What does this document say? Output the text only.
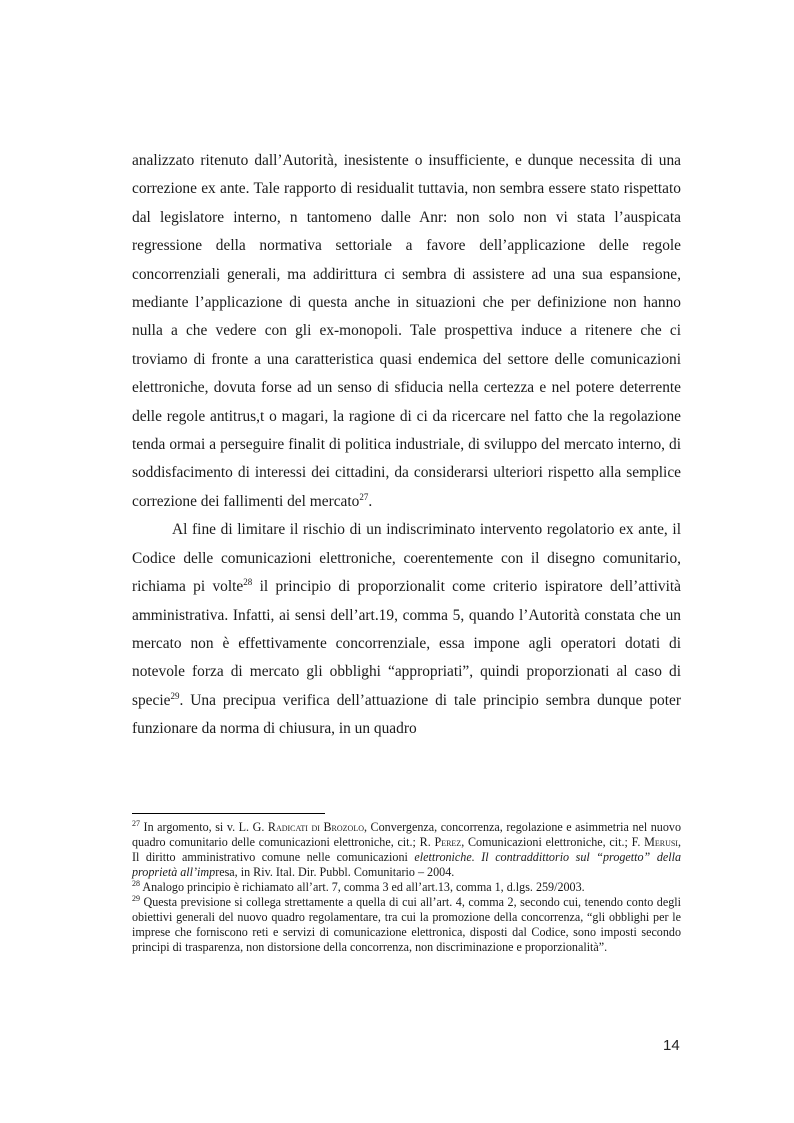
analizzato ritenuto dall’Autorità, inesistente o insufficiente, e dunque necessita di una correzione ex ante. Tale rapporto di residualit tuttavia, non sembra essere stato rispettato dal legislatore interno, n tantomeno dalle Anr: non solo non vi stata l’auspicata regressione della normativa settoriale a favore dell’applicazione delle regole concorrenziali generali, ma addirittura ci sembra di assistere ad una sua espansione, mediante l’applicazione di questa anche in situazioni che per definizione non hanno nulla a che vedere con gli ex-monopoli. Tale prospettiva induce a ritenere che ci troviamo di fronte a una caratteristica quasi endemica del settore delle comunicazioni elettroniche, dovuta forse ad un senso di sfiducia nella certezza e nel potere deterrente delle regole antitrus,t o magari, la ragione di ci da ricercare nel fatto che la regolazione tenda ormai a perseguire finalit di politica industriale, di sviluppo del mercato interno, di soddisfacimento di interessi dei cittadini, da considerarsi ulteriori rispetto alla semplice correzione dei fallimenti del mercato$^{27}$.

Al fine di limitare il rischio di un indiscriminato intervento regolatorio ex ante, il Codice delle comunicazioni elettroniche, coerentemente con il disegno comunitario, richiama pi volte$^{28}$ il principio di proporzionalit come criterio ispiratore dell’attività amministrativa. Infatti, ai sensi dell’art.19, comma 5, quando l’Autorità constata che un mercato non è effettivamente concorrenziale, essa impone agli operatori dotati di notevole forza di mercato gli obblighi “appropriati”, quindi proporzionati al caso di specie$^{29}$. Una precipua verifica dell’attuazione di tale principio sembra dunque poter funzionare da norma di chiusura, in un quadro

$^{27}$ In argomento, si v. L. G. Radicati di Brozolo, Convergenza, concorrenza, regolazione e asimmetria nel nuovo quadro comunitario delle comunicazioni elettroniche, cit.; R. Perez, Comunicazioni elettroniche, cit.; F. Merusi, Il diritto amministrativo comune nelle comunicazioni elettroniche. Il contraddittorio sul “progetto” della proprietà all’impresa, in Riv. Ital. Dir. Pubbl. Comunitario – 2004.

$^{28}$ Analogo principio è richiamato all’art. 7, comma 3 ed all’art.13, comma 1, d.lgs. 259/2003.

$^{29}$ Questa previsione si collega strettamente a quella di cui all’art. 4, comma 2, secondo cui, tenendo conto degli obiettivi generali del nuovo quadro regolamentare, tra cui la promozione della concorrenza, “gli obblighi per le imprese che forniscono reti e servizi di comunicazione elettronica, disposti dal Codice, sono imposti secondo principi di trasparenza, non distorsione della concorrenza, non discriminazione e proporzionalità”.

14
